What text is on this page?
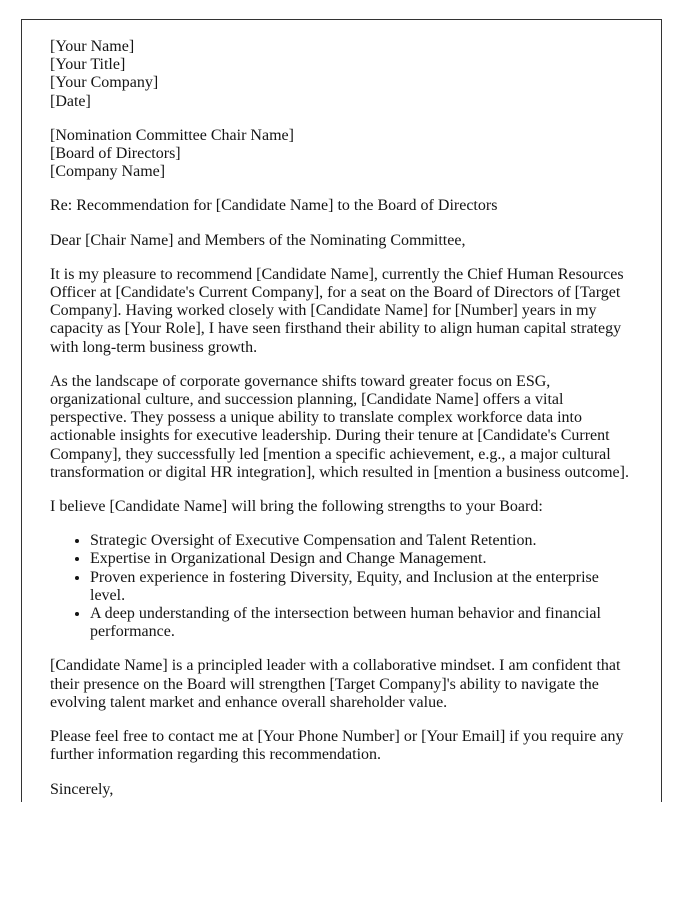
[Your Name]
[Your Title]
[Your Company]
[Date]

[Nomination Committee Chair Name]
[Board of Directors]
[Company Name]

Re: Recommendation for [Candidate Name] to the Board of Directors

Dear [Chair Name] and Members of the Nominating Committee,

It is my pleasure to recommend [Candidate Name], currently the Chief Human Resources Officer at [Candidate's Current Company], for a seat on the Board of Directors of [Target Company]. Having worked closely with [Candidate Name] for [Number] years in my capacity as [Your Role], I have seen firsthand their ability to align human capital strategy with long-term business growth.

As the landscape of corporate governance shifts toward greater focus on ESG, organizational culture, and succession planning, [Candidate Name] offers a vital perspective. They possess a unique ability to translate complex workforce data into actionable insights for executive leadership. During their tenure at [Candidate's Current Company], they successfully led [mention a specific achievement, e.g., a major cultural transformation or digital HR integration], which resulted in [mention a business outcome].

I believe [Candidate Name] will bring the following strengths to your Board:

• Strategic Oversight of Executive Compensation and Talent Retention.
• Expertise in Organizational Design and Change Management.
• Proven experience in fostering Diversity, Equity, and Inclusion at the enterprise level.
• A deep understanding of the intersection between human behavior and financial performance.

[Candidate Name] is a principled leader with a collaborative mindset. I am confident that their presence on the Board will strengthen [Target Company]'s ability to navigate the evolving talent market and enhance overall shareholder value.

Please feel free to contact me at [Your Phone Number] or [Your Email] if you require any further information regarding this recommendation.

Sincerely,
